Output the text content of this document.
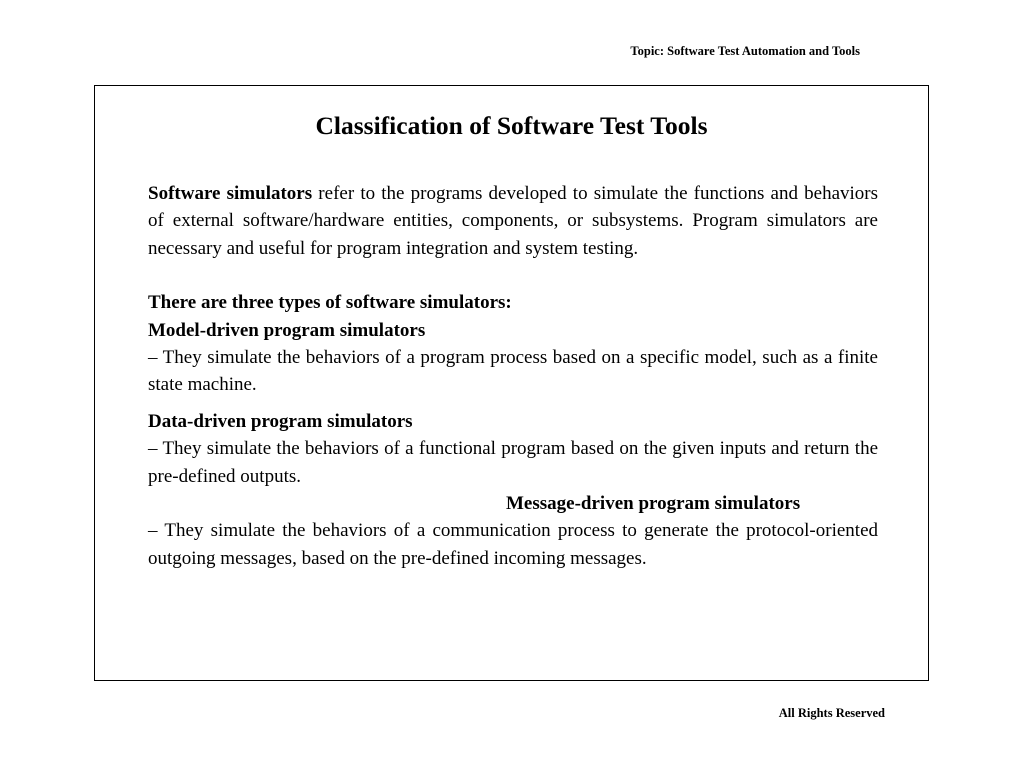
Topic: Software Test Automation and Tools
Classification of Software Test Tools

Software simulators refer to the programs developed to simulate the functions and behaviors of external software/hardware entities, components, or subsystems. Program simulators are necessary and useful for program integration and system testing.

There are three types of software simulators:

Model-driven program simulators

– They simulate the behaviors of a program process based on a specific model, such as a finite state machine.

Data-driven program simulators

– They simulate the behaviors of a functional program based on the given inputs and return the pre-defined outputs.

Message-driven program simulators

– They simulate the behaviors of a communication process to generate the protocol-oriented outgoing messages, based on the pre-defined incoming messages.

All Rights Reserved
